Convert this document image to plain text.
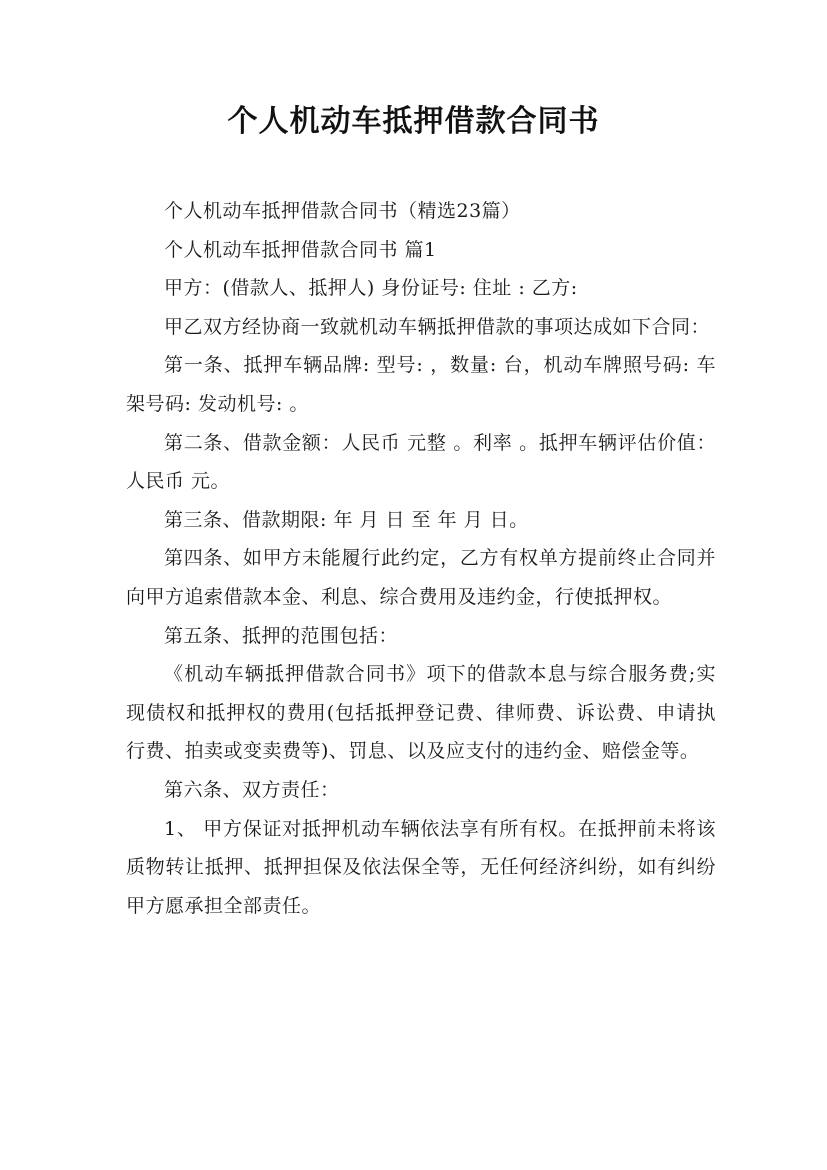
个人机动车抵押借款合同书

个人机动车抵押借款合同书（精选23篇）

个人机动车抵押借款合同书 篇1

甲方：(借款人、抵押人) 身份证号: 住址 : 乙方:

甲乙双方经协商一致就机动车辆抵押借款的事项达成如下合同：

第一条、抵押车辆品牌: 型号: ，数量: 台，机动车牌照号码: 车架号码: 发动机号: 。

第二条、借款金额：人民币 元整 。利率 。抵押车辆评估价值：人民币 元。

第三条、借款期限: 年 月 日 至 年 月 日。

第四条、如甲方未能履行此约定，乙方有权单方提前终止合同并向甲方追索借款本金、利息、综合费用及违约金，行使抵押权。

第五条、抵押的范围包括：

《机动车辆抵押借款合同书》项下的借款本息与综合服务费;实现债权和抵押权的费用(包括抵押登记费、律师费、诉讼费、申请执行费、拍卖或变卖费等)、罚息、以及应支付的违约金、赔偿金等。

第六条、双方责任：

1、 甲方保证对抵押机动车辆依法享有所有权。在抵押前未将该质物转让抵押、抵押担保及依法保全等，无任何经济纠纷，如有纠纷甲方愿承担全部责任。
